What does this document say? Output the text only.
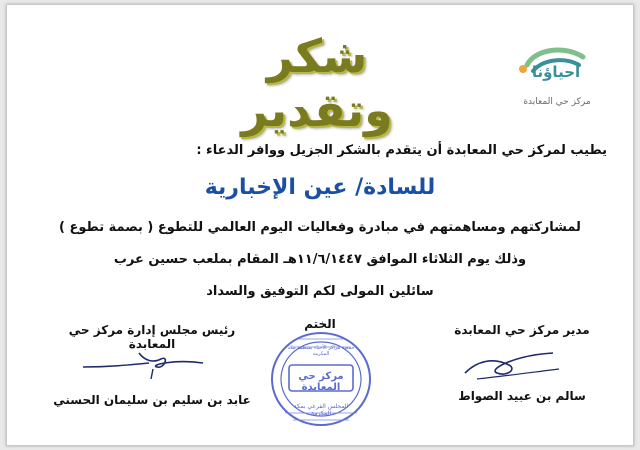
شكر وتقدير
أحياؤنا
مركز حي المعابدة
يطيب لمركز حي المعابدة أن يتقدم بالشكر الجزيل ووافر الدعاء :
للسادة/ عين الإخبارية
لمشاركتهم ومساهمتهم في مبادرة وفعاليات اليوم العالمي للتطوع ( بصمة تطوع )
وذلك يوم الثلاثاء الموافق ١١/٦/١٤٤٧هـ المقام بملعب حسين عرب
سائلين المولى لكم التوفيق والسداد
مدير مركز حي المعابدة
سالم بن عبيد الصواط
الختم
مركز حي المعابدة
جمعية مراكز الأحياء بمنطقة مكة المكرمة
المجلس الفرعي بمكة المكرمة
رئيس مجلس إدارة مركز حي المعابدة
عابد بن سليم بن سليمان الحسني
